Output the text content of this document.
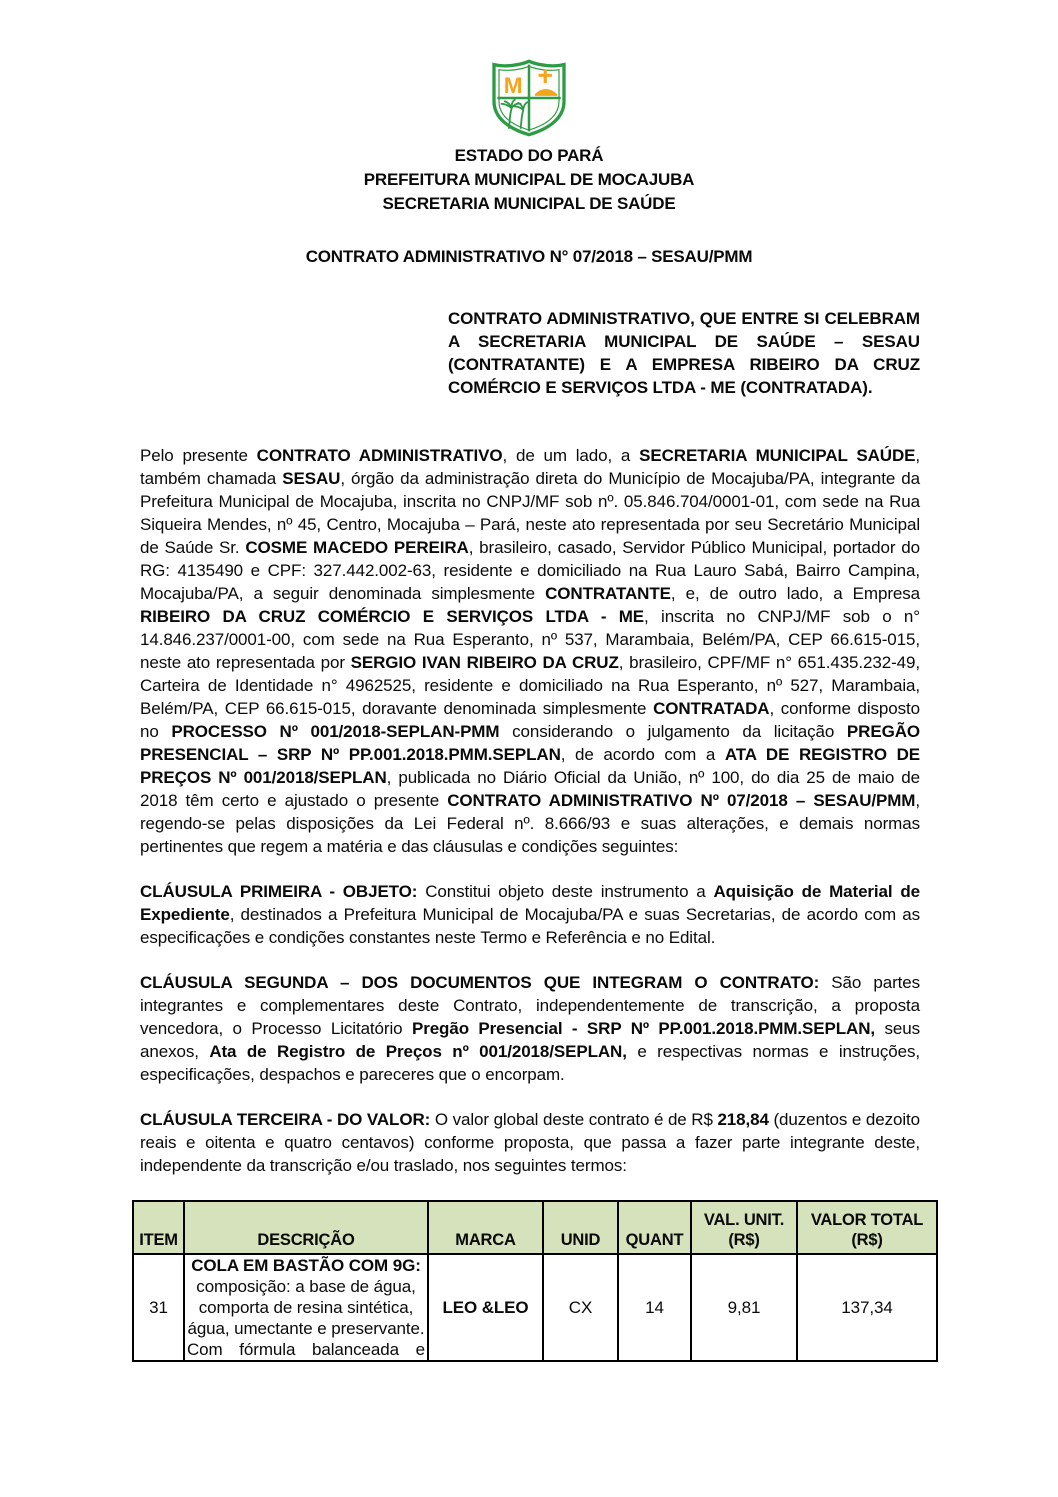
M
ESTADO DO PARÁ
PREFEITURA MUNICIPAL DE MOCAJUBA
SECRETARIA MUNICIPAL DE SAÚDE
CONTRATO ADMINISTRATIVO N° 07/2018 – SESAU/PMM

CONTRATO ADMINISTRATIVO, QUE ENTRE SI CELEBRAM A SECRETARIA MUNICIPAL DE SAÚDE – SESAU (CONTRATANTE) E A EMPRESA RIBEIRO DA CRUZ COMÉRCIO E SERVIÇOS LTDA - ME (CONTRATADA).

Pelo presente CONTRATO ADMINISTRATIVO, de um lado, a SECRETARIA MUNICIPAL SAÚDE, também chamada SESAU, órgão da administração direta do Município de Mocajuba/PA, integrante da Prefeitura Municipal de Mocajuba, inscrita no CNPJ/MF sob nº. 05.846.704/0001-01, com sede na Rua Siqueira Mendes, nº 45, Centro, Mocajuba – Pará, neste ato representada por seu Secretário Municipal de Saúde Sr. COSME MACEDO PEREIRA, brasileiro, casado, Servidor Público Municipal, portador do RG: 4135490 e CPF: 327.442.002-63, residente e domiciliado na Rua Lauro Sabá, Bairro Campina, Mocajuba/PA, a seguir denominada simplesmente CONTRATANTE, e, de outro lado, a Empresa RIBEIRO DA CRUZ COMÉRCIO E SERVIÇOS LTDA - ME, inscrita no CNPJ/MF sob o n° 14.846.237/0001-00, com sede na Rua Esperanto, nº 537, Marambaia, Belém/PA, CEP 66.615-015, neste ato representada por SERGIO IVAN RIBEIRO DA CRUZ, brasileiro, CPF/MF n° 651.435.232-49, Carteira de Identidade n° 4962525, residente e domiciliado na Rua Esperanto, nº 527, Marambaia, Belém/PA, CEP 66.615-015, doravante denominada simplesmente CONTRATADA, conforme disposto no PROCESSO Nº 001/2018-SEPLAN-PMM considerando o julgamento da licitação PREGÃO PRESENCIAL – SRP Nº PP.001.2018.PMM.SEPLAN, de acordo com a ATA DE REGISTRO DE PREÇOS Nº 001/2018/SEPLAN, publicada no Diário Oficial da União, nº 100, do dia 25 de maio de 2018 têm certo e ajustado o presente CONTRATO ADMINISTRATIVO Nº 07/2018 – SESAU/PMM, regendo-se pelas disposições da Lei Federal nº. 8.666/93 e suas alterações, e demais normas pertinentes que regem a matéria e das cláusulas e condições seguintes:

CLÁUSULA PRIMEIRA - OBJETO: Constitui objeto deste instrumento a Aquisição de Material de Expediente, destinados a Prefeitura Municipal de Mocajuba/PA e suas Secretarias, de acordo com as especificações e condições constantes neste Termo e Referência e no Edital.

CLÁUSULA SEGUNDA – DOS DOCUMENTOS QUE INTEGRAM O CONTRATO: São partes integrantes e complementares deste Contrato, independentemente de transcrição, a proposta vencedora, o Processo Licitatório Pregão Presencial - SRP Nº PP.001.2018.PMM.SEPLAN, seus anexos, Ata de Registro de Preços nº 001/2018/SEPLAN, e respectivas normas e instruções, especificações, despachos e pareceres que o encorpam.

CLÁUSULA TERCEIRA - DO VALOR: O valor global deste contrato é de R$ 218,84 (duzentos e dezoito reais e oitenta e quatro centavos) conforme proposta, que passa a fazer parte integrante deste, independente da transcrição e/ou traslado, nos seguintes termos:

ITEM	DESCRIÇÃO	MARCA	UNID	QUANT	VAL. UNIT. (R$)	VALOR TOTAL (R$)
31	COLA EM BASTÃO COM 9G: composição: a base de água, comporta de resina sintética, água, umectante e preservante. Com fórmula balanceada e	LEO &LEO	CX	14	9,81	137,34
